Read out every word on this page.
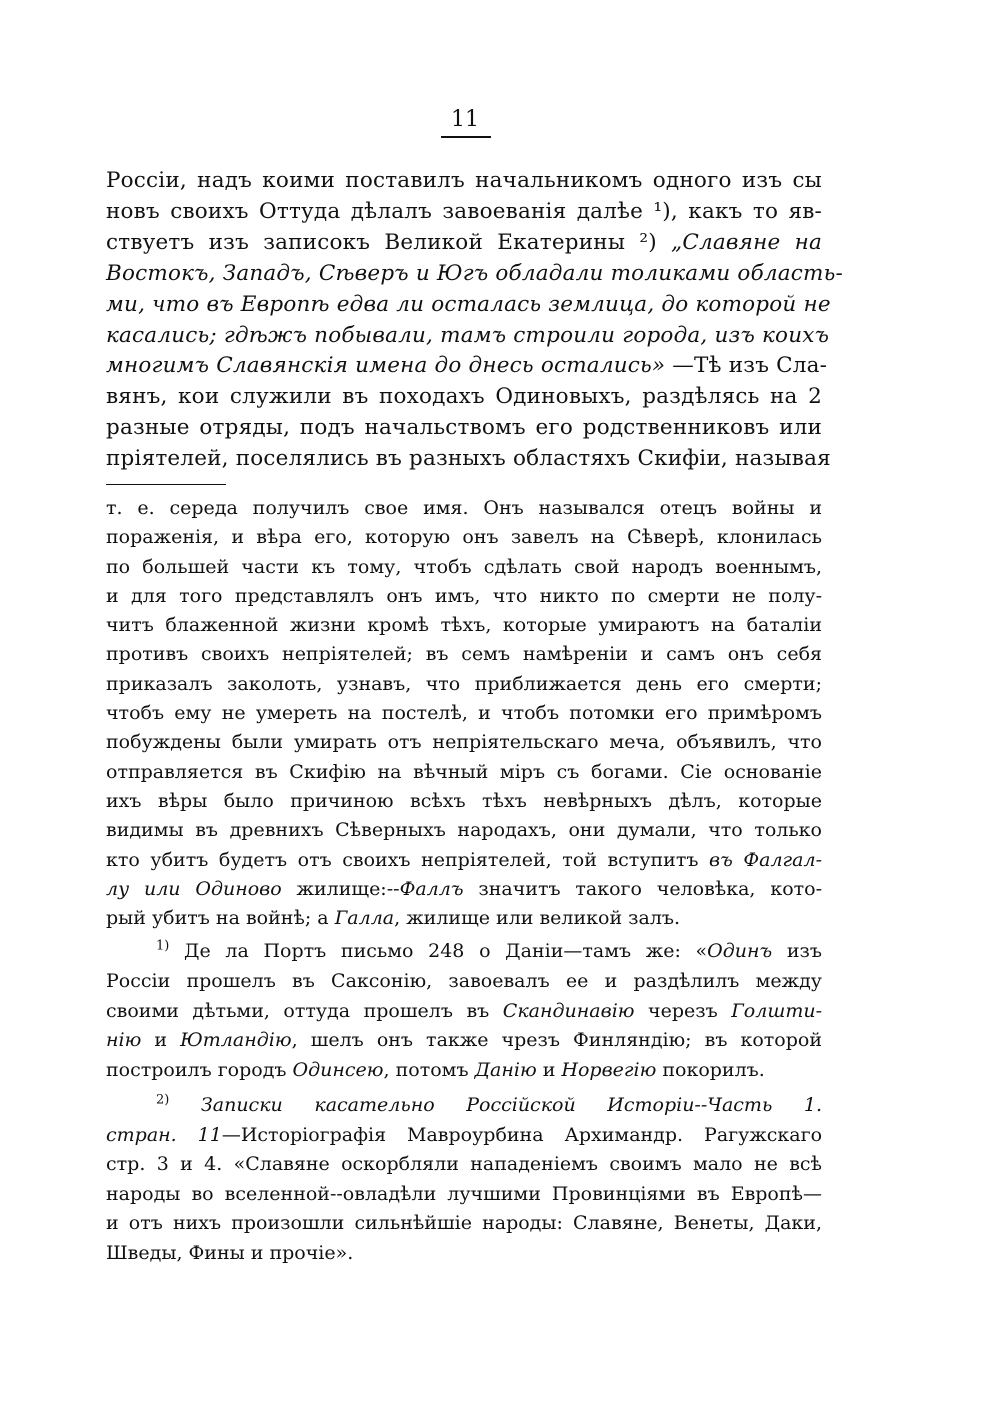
11
Россіи, надъ коими поставилъ начальникомъ одного изъ сы
новъ своихъ Оттуда дѣлалъ завоеванія далѣе ¹), какъ то яв-
ствуетъ изъ записокъ Великой Екатерины ²) „Славяне на
Востокъ, Западъ, Сѣверъ и Югъ обладали толиками область-
ми, что въ Европѣ едва ли осталась землица, до которой не
касались; гдѣжъ побывали, тамъ строили города, изъ коихъ
многимъ Славянскія имена до днесь остались» —Тѣ изъ Сла-
вянъ, кои служили въ походахъ Одиновыхъ, раздѣлясь на 2
разные отряды, подъ начальствомъ его родственниковъ или
пріятелей, поселялись въ разныхъ областяхъ Скифіи, называя
т. е. середа получилъ свое имя. Онъ назывался отецъ войны и
пораженія, и вѣра его, которую онъ завелъ на Сѣверѣ, клонилась
по большей части къ тому, чтобъ сдѣлать свой народъ военнымъ,
и для того представлялъ онъ имъ, что никто по смерти не полу-
читъ блаженной жизни кромѣ тѣхъ, которые умираютъ на баталіи
противъ своихъ непріятелей; въ семъ намѣреніи и самъ онъ себя
приказалъ заколоть, узнавъ, что приближается день его смерти;
чтобъ ему не умереть на постелѣ, и чтобъ потомки его примѣромъ
побуждены были умирать отъ непріятельскаго меча, объявилъ, что
отправляется въ Скифію на вѣчный міръ съ богами. Сіе основаніе
ихъ вѣры было причиною всѣхъ тѣхъ невѣрныхъ дѣлъ, которые
видимы въ древнихъ Сѣверныхъ народахъ, они думали, что только
кто убитъ будетъ отъ своихъ непріятелей, той вступитъ въ Фалгал-
лу или Одиново жилище:--Фаллъ значитъ такого человѣка, кото-
рый убитъ на войнѣ; а Галла, жилище или великой залъ.
$^{1)}$ Де ла Портъ письмо 248 о Даніи—тамъ же: «Одинъ изъ
Россіи прошелъ въ Саксонію, завоевалъ ее и раздѣлилъ между
своими дѣтьми, оттуда прошелъ въ Скандинавію черезъ Голшти-
нію и Ютландію, шелъ онъ также чрезъ Финляндію; въ которой
построилъ городъ Одинсею, потомъ Данію и Норвегію покорилъ.
$^{2)}$ Записки касательно Россійской Исторіи--Часть 1.
стран. 11—Исторіографія Мавроурбина Архимандр. Рагужскаго
стр. 3 и 4. «Славяне оскорбляли нападеніемъ своимъ мало не всѣ
народы во вселенной--овладѣли лучшими Провинціями въ Европѣ—
и отъ нихъ произошли сильнѣйшіе народы: Славяне, Венеты, Даки,
Шведы, Фины и прочіе».
